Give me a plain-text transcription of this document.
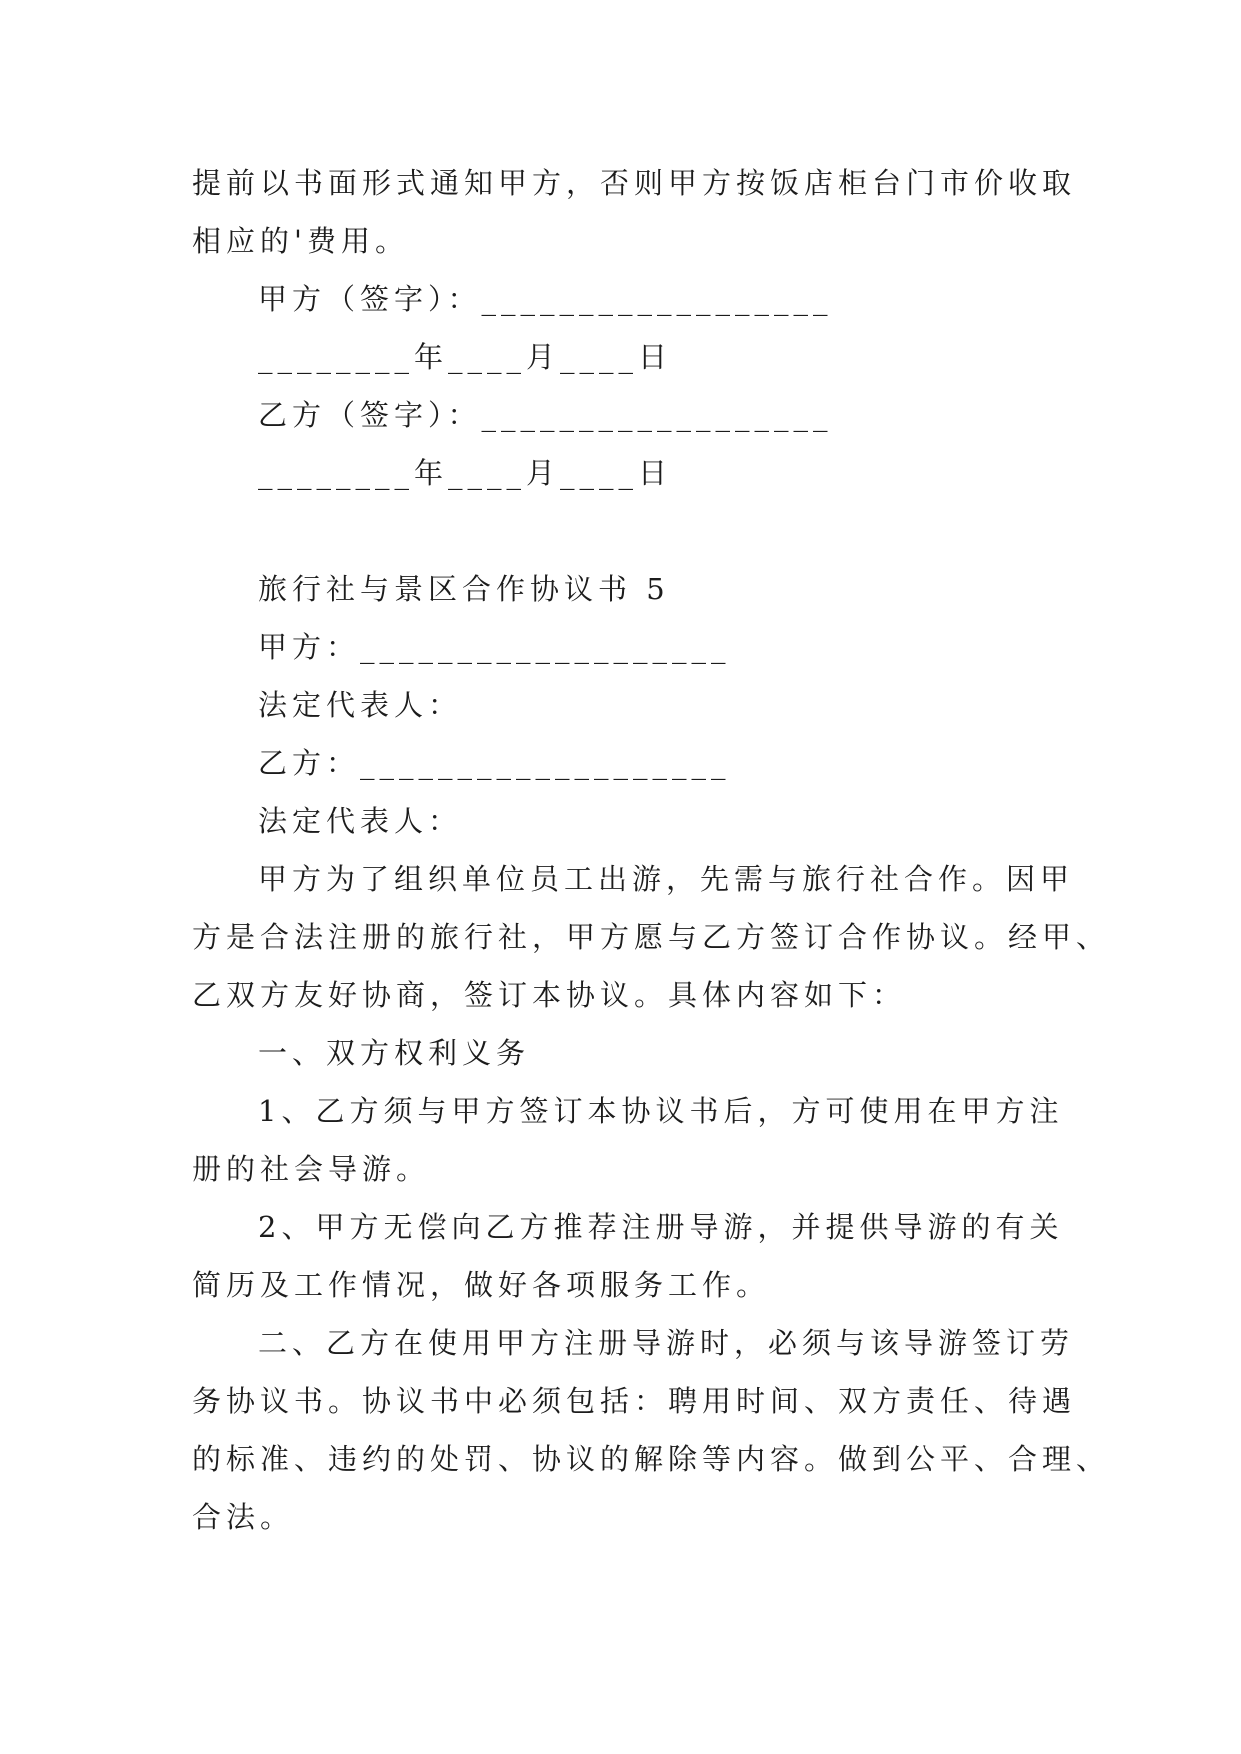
提前以书面形式通知甲方，否则甲方按饭店柜台门市价收取
相应的'费用。
甲方（签字）：__________________
________年____月____日
乙方（签字）：__________________
________年____月____日
旅行社与景区合作协议书 5
甲方：___________________
法定代表人：
乙方：___________________
法定代表人：
甲方为了组织单位员工出游，先需与旅行社合作。因甲
方是合法注册的旅行社，甲方愿与乙方签订合作协议。经甲、
乙双方友好协商，签订本协议。具体内容如下：
一、双方权利义务
1、乙方须与甲方签订本协议书后，方可使用在甲方注
册的社会导游。
2、甲方无偿向乙方推荐注册导游，并提供导游的有关
简历及工作情况，做好各项服务工作。
二、乙方在使用甲方注册导游时，必须与该导游签订劳
务协议书。协议书中必须包括：聘用时间、双方责任、待遇
的标准、违约的处罚、协议的解除等内容。做到公平、合理、
合法。
